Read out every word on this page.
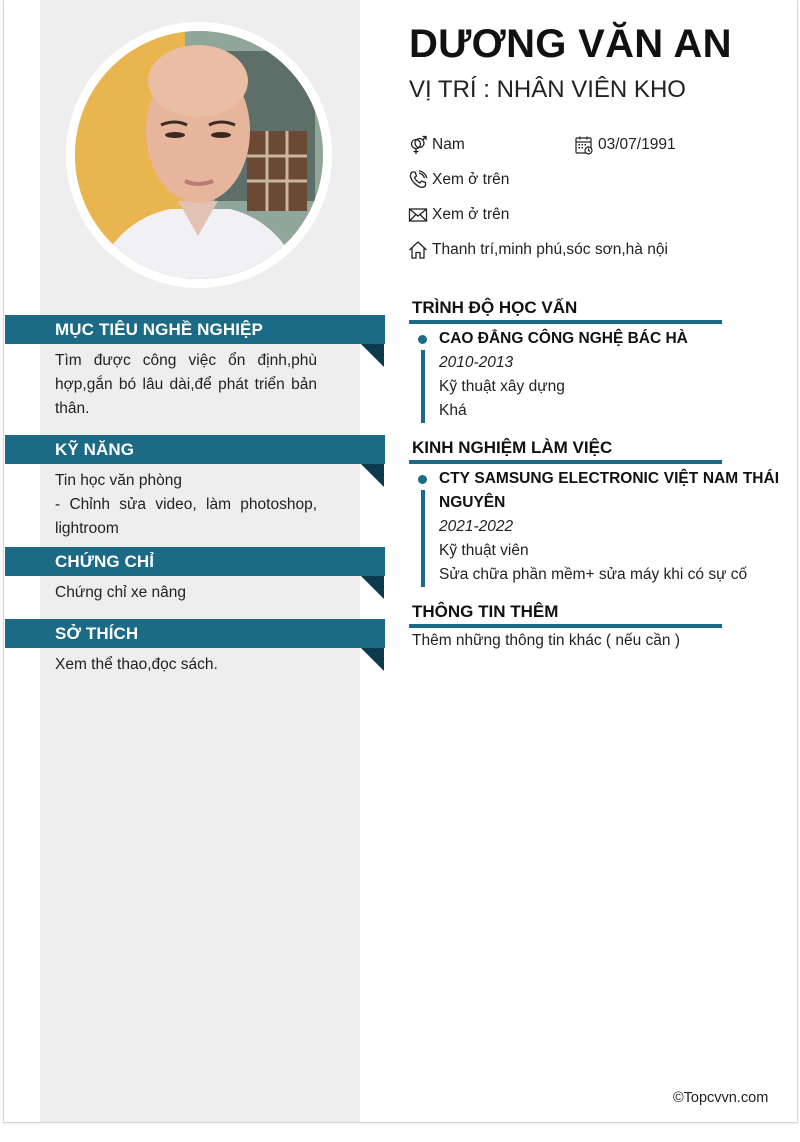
MỤC TIÊU NGHỀ NGHIỆP
Tìm được công việc ổn định,phù hợp,gắn bó lâu dài,để phát triển bản thân.
KỸ NĂNG
Tin học văn phòng
- Chỉnh sửa video, làm photoshop, lightroom
CHỨNG CHỈ
Chứng chỉ xe nâng
SỞ THÍCH
Xem thể thao,đọc sách.
DƯƠNG VĂN AN
VỊ TRÍ : NHÂN VIÊN KHO
Nam	03/07/1991
Xem ở trên
Xem ở trên
Thanh trí,minh phú,sóc sơn,hà nội
TRÌNH ĐỘ HỌC VẤN
CAO ĐẲNG CÔNG NGHỆ BÁC HÀ
2010-2013
Kỹ thuật xây dựng
Khá
KINH NGHIỆM LÀM VIỆC
CTY SAMSUNG ELECTRONIC VIỆT NAM THÁI NGUYÊN
2021-2022
Kỹ thuật viên
Sửa chữa phần mềm+ sửa máy khi có sự cố
THÔNG TIN THÊM
Thêm những thông tin khác ( nếu cần )
©Topcvvn.com
